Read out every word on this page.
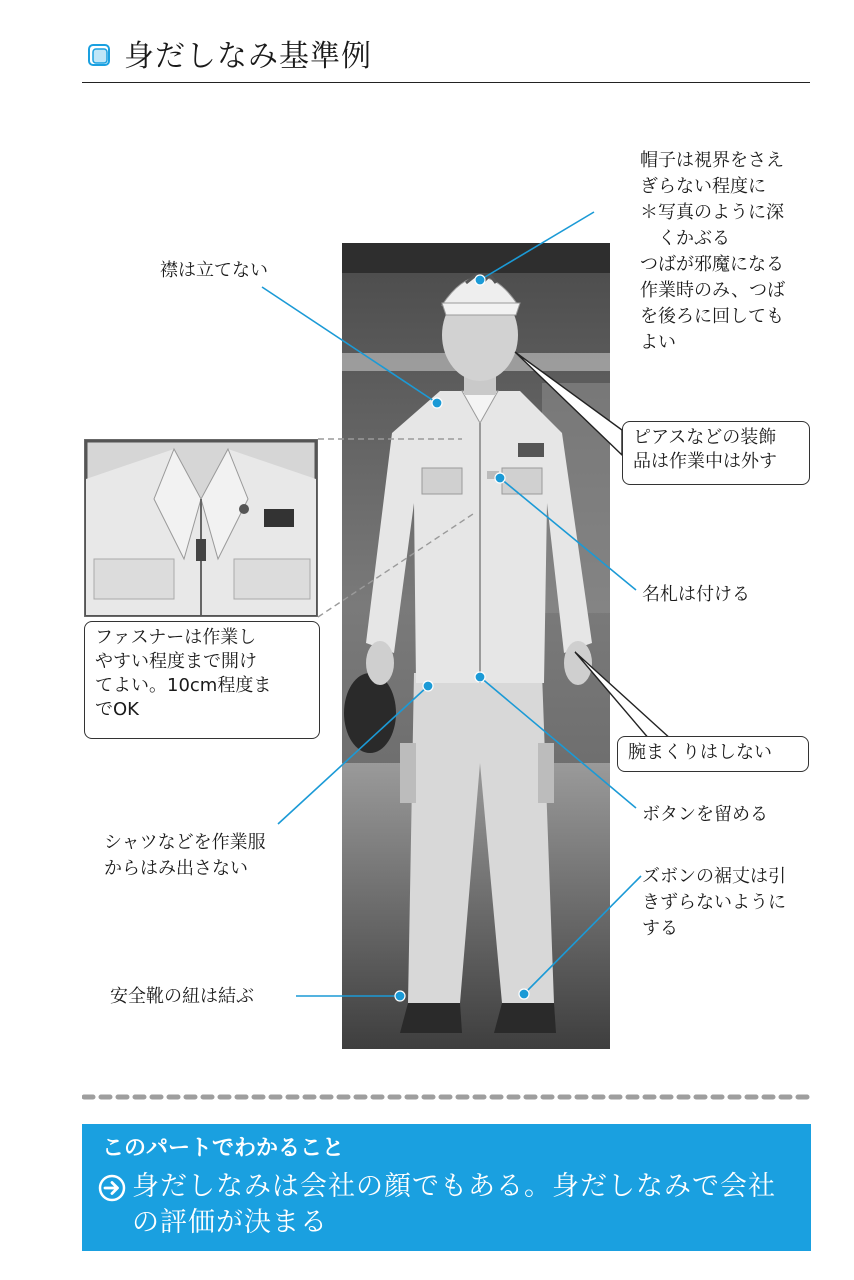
身だしなみ基準例
ピアスなどの装飾
品は作業中は外す
ファスナーは作業し
やすい程度まで開け
てよい。10cm程度ま
でOK
腕まくりはしない

帽子は視界をさえ
ぎらない程度に
＊写真のように深
　くかぶる
つばが邪魔になる
作業時のみ、つば
を後ろに回しても
よい

襟は立てない

名札は付ける

ボタンを留める

シャツなどを作業服
からはみ出さない	ズボンの裾丈は引
きずらないように
する

安全靴の紐は結ぶ

このパートでわかること
身だしなみは会社の顔でもある。身だしなみで会社の評価が決まる
